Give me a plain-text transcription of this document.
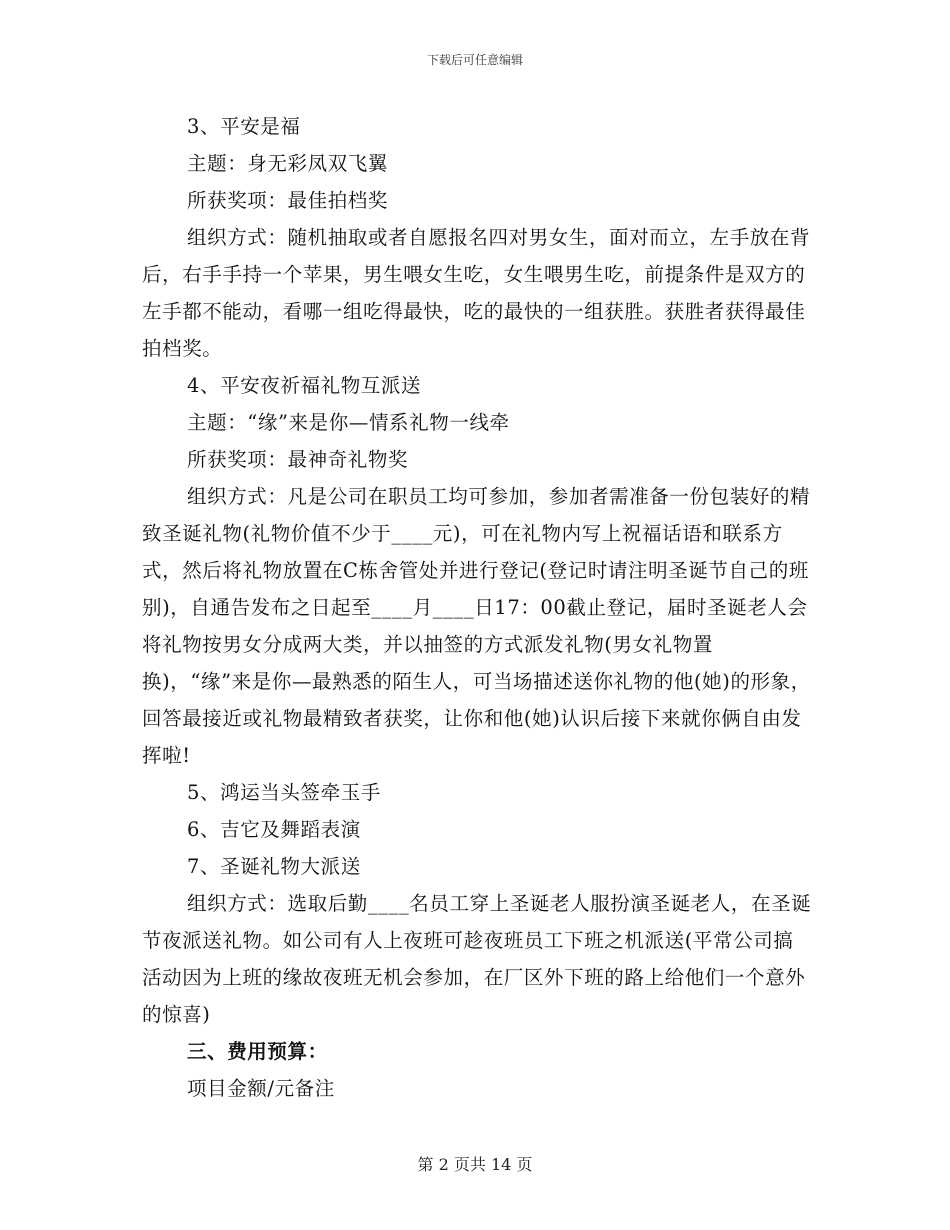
下载后可任意编辑

3、平安是福

主题：身无彩凤双飞翼

所获奖项：最佳拍档奖

组织方式：随机抽取或者自愿报名四对男女生，面对而立，左手放在背后，右手手持一个苹果，男生喂女生吃，女生喂男生吃，前提条件是双方的左手都不能动，看哪一组吃得最快，吃的最快的一组获胜。获胜者获得最佳拍档奖。

4、平安夜祈福礼物互派送

主题：“缘”来是你—情系礼物一线牵

所获奖项：最神奇礼物奖

组织方式：凡是公司在职员工均可参加，参加者需准备一份包装好的精致圣诞礼物(礼物价值不少于____元)，可在礼物内写上祝福话语和联系方式，然后将礼物放置在C栋舍管处并进行登记(登记时请注明圣诞节自己的班别)，自通告发布之日起至____月____日17：00截止登记，届时圣诞老人会将礼物按男女分成两大类，并以抽签的方式派发礼物(男女礼物置换)，“缘”来是你—最熟悉的陌生人，可当场描述送你礼物的他(她)的形象，回答最接近或礼物最精致者获奖，让你和他(她)认识后接下来就你俩自由发挥啦!

5、鸿运当头签牵玉手

6、吉它及舞蹈表演

7、圣诞礼物大派送

组织方式：选取后勤____名员工穿上圣诞老人服扮演圣诞老人，在圣诞节夜派送礼物。如公司有人上夜班可趁夜班员工下班之机派送(平常公司搞活动因为上班的缘故夜班无机会参加，在厂区外下班的路上给他们一个意外的惊喜)

三、费用预算：

项目金额/元备注

第 2 页共 14 页
